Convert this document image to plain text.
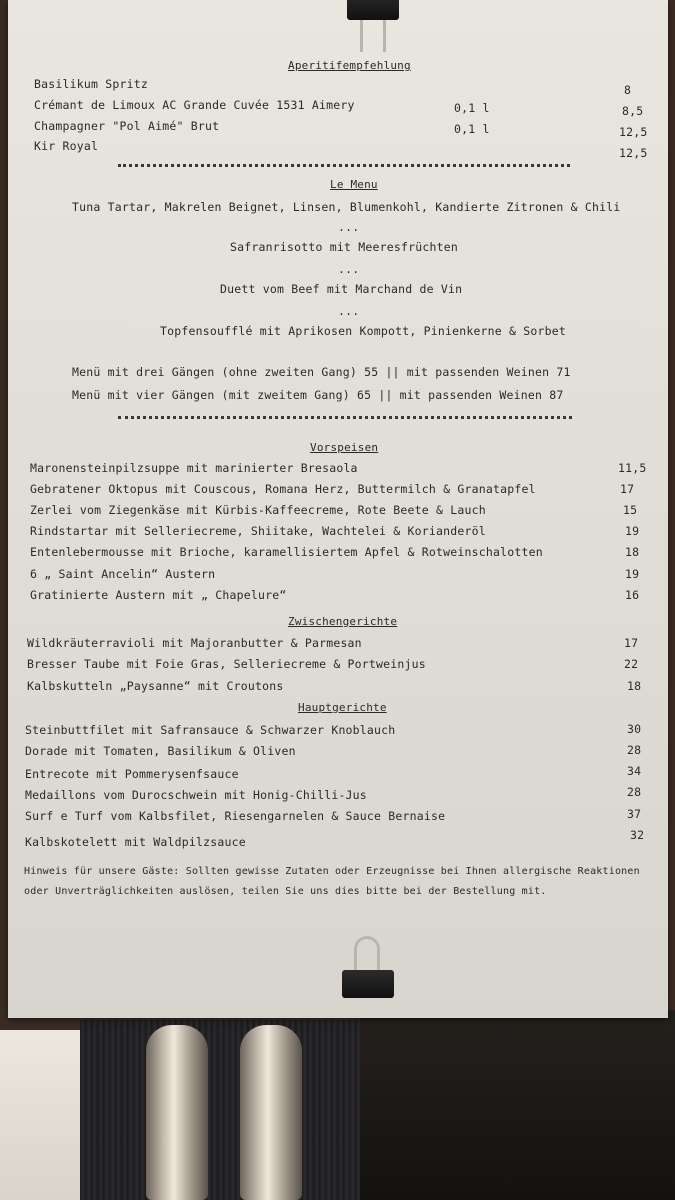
Aperitifempfehlung
Basilikum Spritz	8
Crémant de Limoux AC Grande Cuvée 1531 Aimery	0,1 l	8,5
Champagner "Pol Aimé" Brut	0,1 l	12,5
Kir Royal	12,5
Le Menu
Tuna Tartar, Makrelen Beignet, Linsen, Blumenkohl, Kandierte Zitronen & Chili
...
Safranrisotto mit Meeresfrüchten
...
Duett vom Beef mit Marchand de Vin
...
Topfensoufflé mit Aprikosen Kompott, Pinienkerne & Sorbet
Menü mit drei Gängen (ohne zweiten Gang) 55 || mit passenden Weinen 71
Menü mit vier Gängen (mit zweitem Gang) 65 || mit passenden Weinen 87
Vorspeisen
Maronensteinpilzsuppe mit marinierter Bresaola	11,5
Gebratener Oktopus mit Couscous, Romana Herz, Buttermilch & Granatapfel	17
Zerlei vom Ziegenkäse mit Kürbis-Kaffeecreme, Rote Beete & Lauch	15
Rindstartar mit Selleriecreme, Shiitake, Wachtelei & Korianderöl	19
Entenlebermousse mit Brioche, karamellisiertem Apfel & Rotweinschalotten	18
6 „ Saint Ancelin“ Austern	19
Gratinierte Austern mit „ Chapelure“	16
Zwischengerichte
Wildkräuterravioli mit Majoranbutter & Parmesan	17
Bresser Taube mit Foie Gras, Selleriecreme & Portweinjus	22
Kalbskutteln „Paysanne“ mit Croutons	18
Hauptgerichte
Steinbuttfilet mit Safransauce & Schwarzer Knoblauch	30
Dorade mit Tomaten, Basilikum & Oliven	28
Entrecote mit Pommerysenfsauce	34
Medaillons vom Durocschwein mit Honig-Chilli-Jus	28
Surf e Turf vom Kalbsfilet, Riesengarnelen & Sauce Bernaise	37
Kalbskotelett mit Waldpilzsauce	32
Hinweis für unsere Gäste: Sollten gewisse Zutaten oder Erzeugnisse bei Ihnen allergische Reaktionen
oder Unverträglichkeiten auslösen, teilen Sie uns dies bitte bei der Bestellung mit.
